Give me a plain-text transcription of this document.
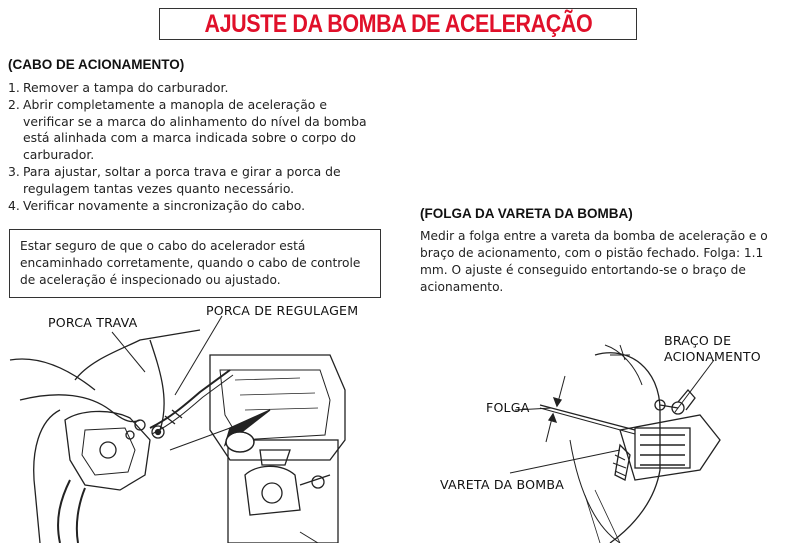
AJUSTE DA BOMBA DE ACELERAÇÃO
(CABO DE ACIONAMENTO)
1. Remover a tampa do carburador.
2. Abrir completamente a manopla de aceleração e verificar se a marca do alinhamento do nível da bomba está alinhada com a marca indicada sobre o corpo do carburador.
3. Para ajustar, soltar a porca trava e girar a porca de regulagem tantas vezes quanto necessário.
4. Verificar novamente a sincronização do cabo.
Estar seguro de que o cabo do acelerador está encaminhado corretamente, quando o cabo de controle de aceleração é inspecionado ou ajustado.
(FOLGA DA VARETA DA BOMBA)
Medir a folga entre a vareta da bomba de aceleração e o braço de acionamento, com o pistão fechado. Folga: 1.1 mm. O ajuste é conseguido entortando-se o braço de acionamento.
PORCA TRAVA
PORCA DE REGULAGEM
BRAÇO DE
ACIONAMENTO
FOLGA
VARETA DA BOMBA
